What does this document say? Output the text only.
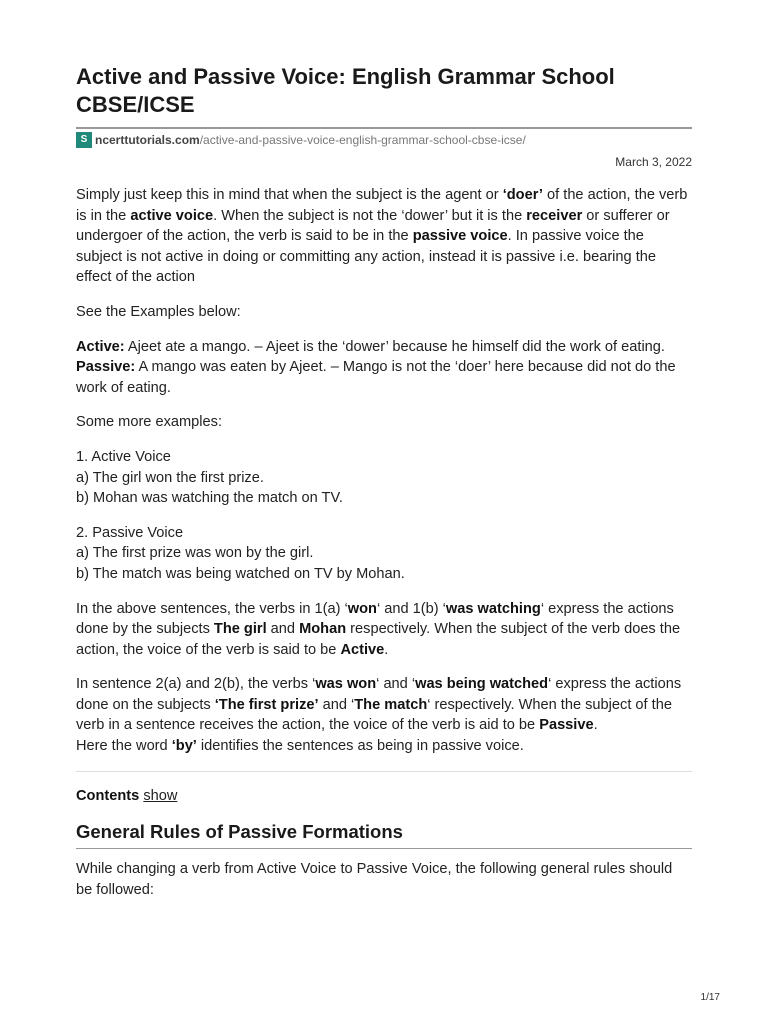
Active and Passive Voice: English Grammar School CBSE/ICSE
S ncerttutorials.com/active-and-passive-voice-english-grammar-school-cbse-icse/
March 3, 2022

Simply just keep this in mind that when the subject is the agent or ‘doer’ of the action, the verb is in the active voice. When the subject is not the ‘dower’ but it is the receiver or sufferer or undergoer of the action, the verb is said to be in the passive voice. In passive voice the subject is not active in doing or committing any action, instead it is passive i.e. bearing the effect of the action

See the Examples below:

Active: Ajeet ate a mango. – Ajeet is the ‘dower’ because he himself did the work of eating.
Passive: A mango was eaten by Ajeet. – Mango is not the ‘doer’ here because did not do the work of eating.

Some more examples:

1. Active Voice
a) The girl won the first prize.
b) Mohan was watching the match on TV.

2. Passive Voice
a) The first prize was won by the girl.
b) The match was being watched on TV by Mohan.

In the above sentences, the verbs in 1(a) ‘won‘ and 1(b) ‘was watching‘ express the actions done by the subjects The girl and Mohan respectively. When the subject of the verb does the action, the voice of the verb is said to be Active.

In sentence 2(a) and 2(b), the verbs ‘was won‘ and ‘was being watched‘ express the actions done on the subjects ‘The first prize’ and ‘The match‘ respectively. When the subject of the verb in a sentence receives the action, the voice of the verb is aid to be Passive.
Here the word ‘by’ identifies the sentences as being in passive voice.

Contents show

General Rules of Passive Formations

While changing a verb from Active Voice to Passive Voice, the following general rules should be followed:

1/17
